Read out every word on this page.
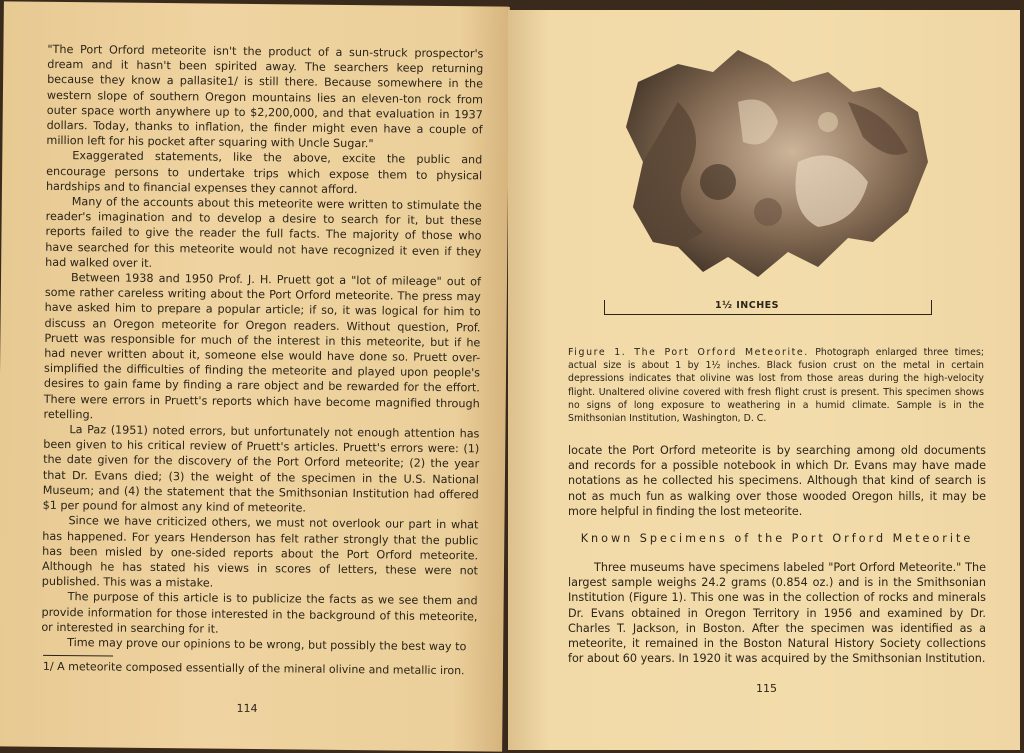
"The Port Orford meteorite isn't the product of a sun-struck prospector's dream and it hasn't been spirited away. The searchers keep returning because they know a pallasite1/ is still there. Because somewhere in the western slope of southern Oregon mountains lies an eleven-ton rock from outer space worth anywhere up to $2,200,000, and that evaluation in 1937 dollars. Today, thanks to inflation, the finder might even have a couple of million left for his pocket after squaring with Uncle Sugar."

Exaggerated statements, like the above, excite the public and encourage persons to undertake trips which expose them to physical hardships and to financial expenses they cannot afford.

Many of the accounts about this meteorite were written to stimulate the reader's imagination and to develop a desire to search for it, but these reports failed to give the reader the full facts. The majority of those who have searched for this meteorite would not have recognized it even if they had walked over it.

Between 1938 and 1950 Prof. J. H. Pruett got a "lot of mileage" out of some rather careless writing about the Port Orford meteorite. The press may have asked him to prepare a popular article; if so, it was logical for him to discuss an Oregon meteorite for Oregon readers. Without question, Prof. Pruett was responsible for much of the interest in this meteorite, but if he had never written about it, someone else would have done so. Pruett over-simplified the difficulties of finding the meteorite and played upon people's desires to gain fame by finding a rare object and be rewarded for the effort. There were errors in Pruett's reports which have become magnified through retelling.

La Paz (1951) noted errors, but unfortunately not enough attention has been given to his critical review of Pruett's articles. Pruett's errors were: (1) the date given for the discovery of the Port Orford meteorite; (2) the year that Dr. Evans died; (3) the weight of the specimen in the U.S. National Museum; and (4) the statement that the Smithsonian Institution had offered $1 per pound for almost any kind of meteorite.

Since we have criticized others, we must not overlook our part in what has happened. For years Henderson has felt rather strongly that the public has been misled by one-sided reports about the Port Orford meteorite. Although he has stated his views in scores of letters, these were not published. This was a mistake.

The purpose of this article is to publicize the facts as we see them and provide information for those interested in the background of this meteorite, or interested in searching for it.

Time may prove our opinions to be wrong, but possibly the best way to

1/ A meteorite composed essentially of the mineral olivine and metallic iron.
114
1½ INCHES
Figure 1. The Port Orford Meteorite. Photograph enlarged three times; actual size is about 1 by 1½ inches. Black fusion crust on the metal in certain depressions indicates that olivine was lost from those areas during the high-velocity flight. Unaltered olivine covered with fresh flight crust is present. This specimen shows no signs of long exposure to weathering in a humid climate. Sample is in the Smithsonian Institution, Washington, D. C.

locate the Port Orford meteorite is by searching among old documents and records for a possible notebook in which Dr. Evans may have made notations as he collected his specimens. Although that kind of search is not as much fun as walking over those wooded Oregon hills, it may be more helpful in finding the lost meteorite.

Known Specimens of the Port Orford Meteorite

Three museums have specimens labeled "Port Orford Meteorite." The largest sample weighs 24.2 grams (0.854 oz.) and is in the Smithsonian Institution (Figure 1). This one was in the collection of rocks and minerals Dr. Evans obtained in Oregon Territory in 1956 and examined by Dr. Charles T. Jackson, in Boston. After the specimen was identified as a meteorite, it remained in the Boston Natural History Society collections for about 60 years. In 1920 it was acquired by the Smithsonian Institution.

115
